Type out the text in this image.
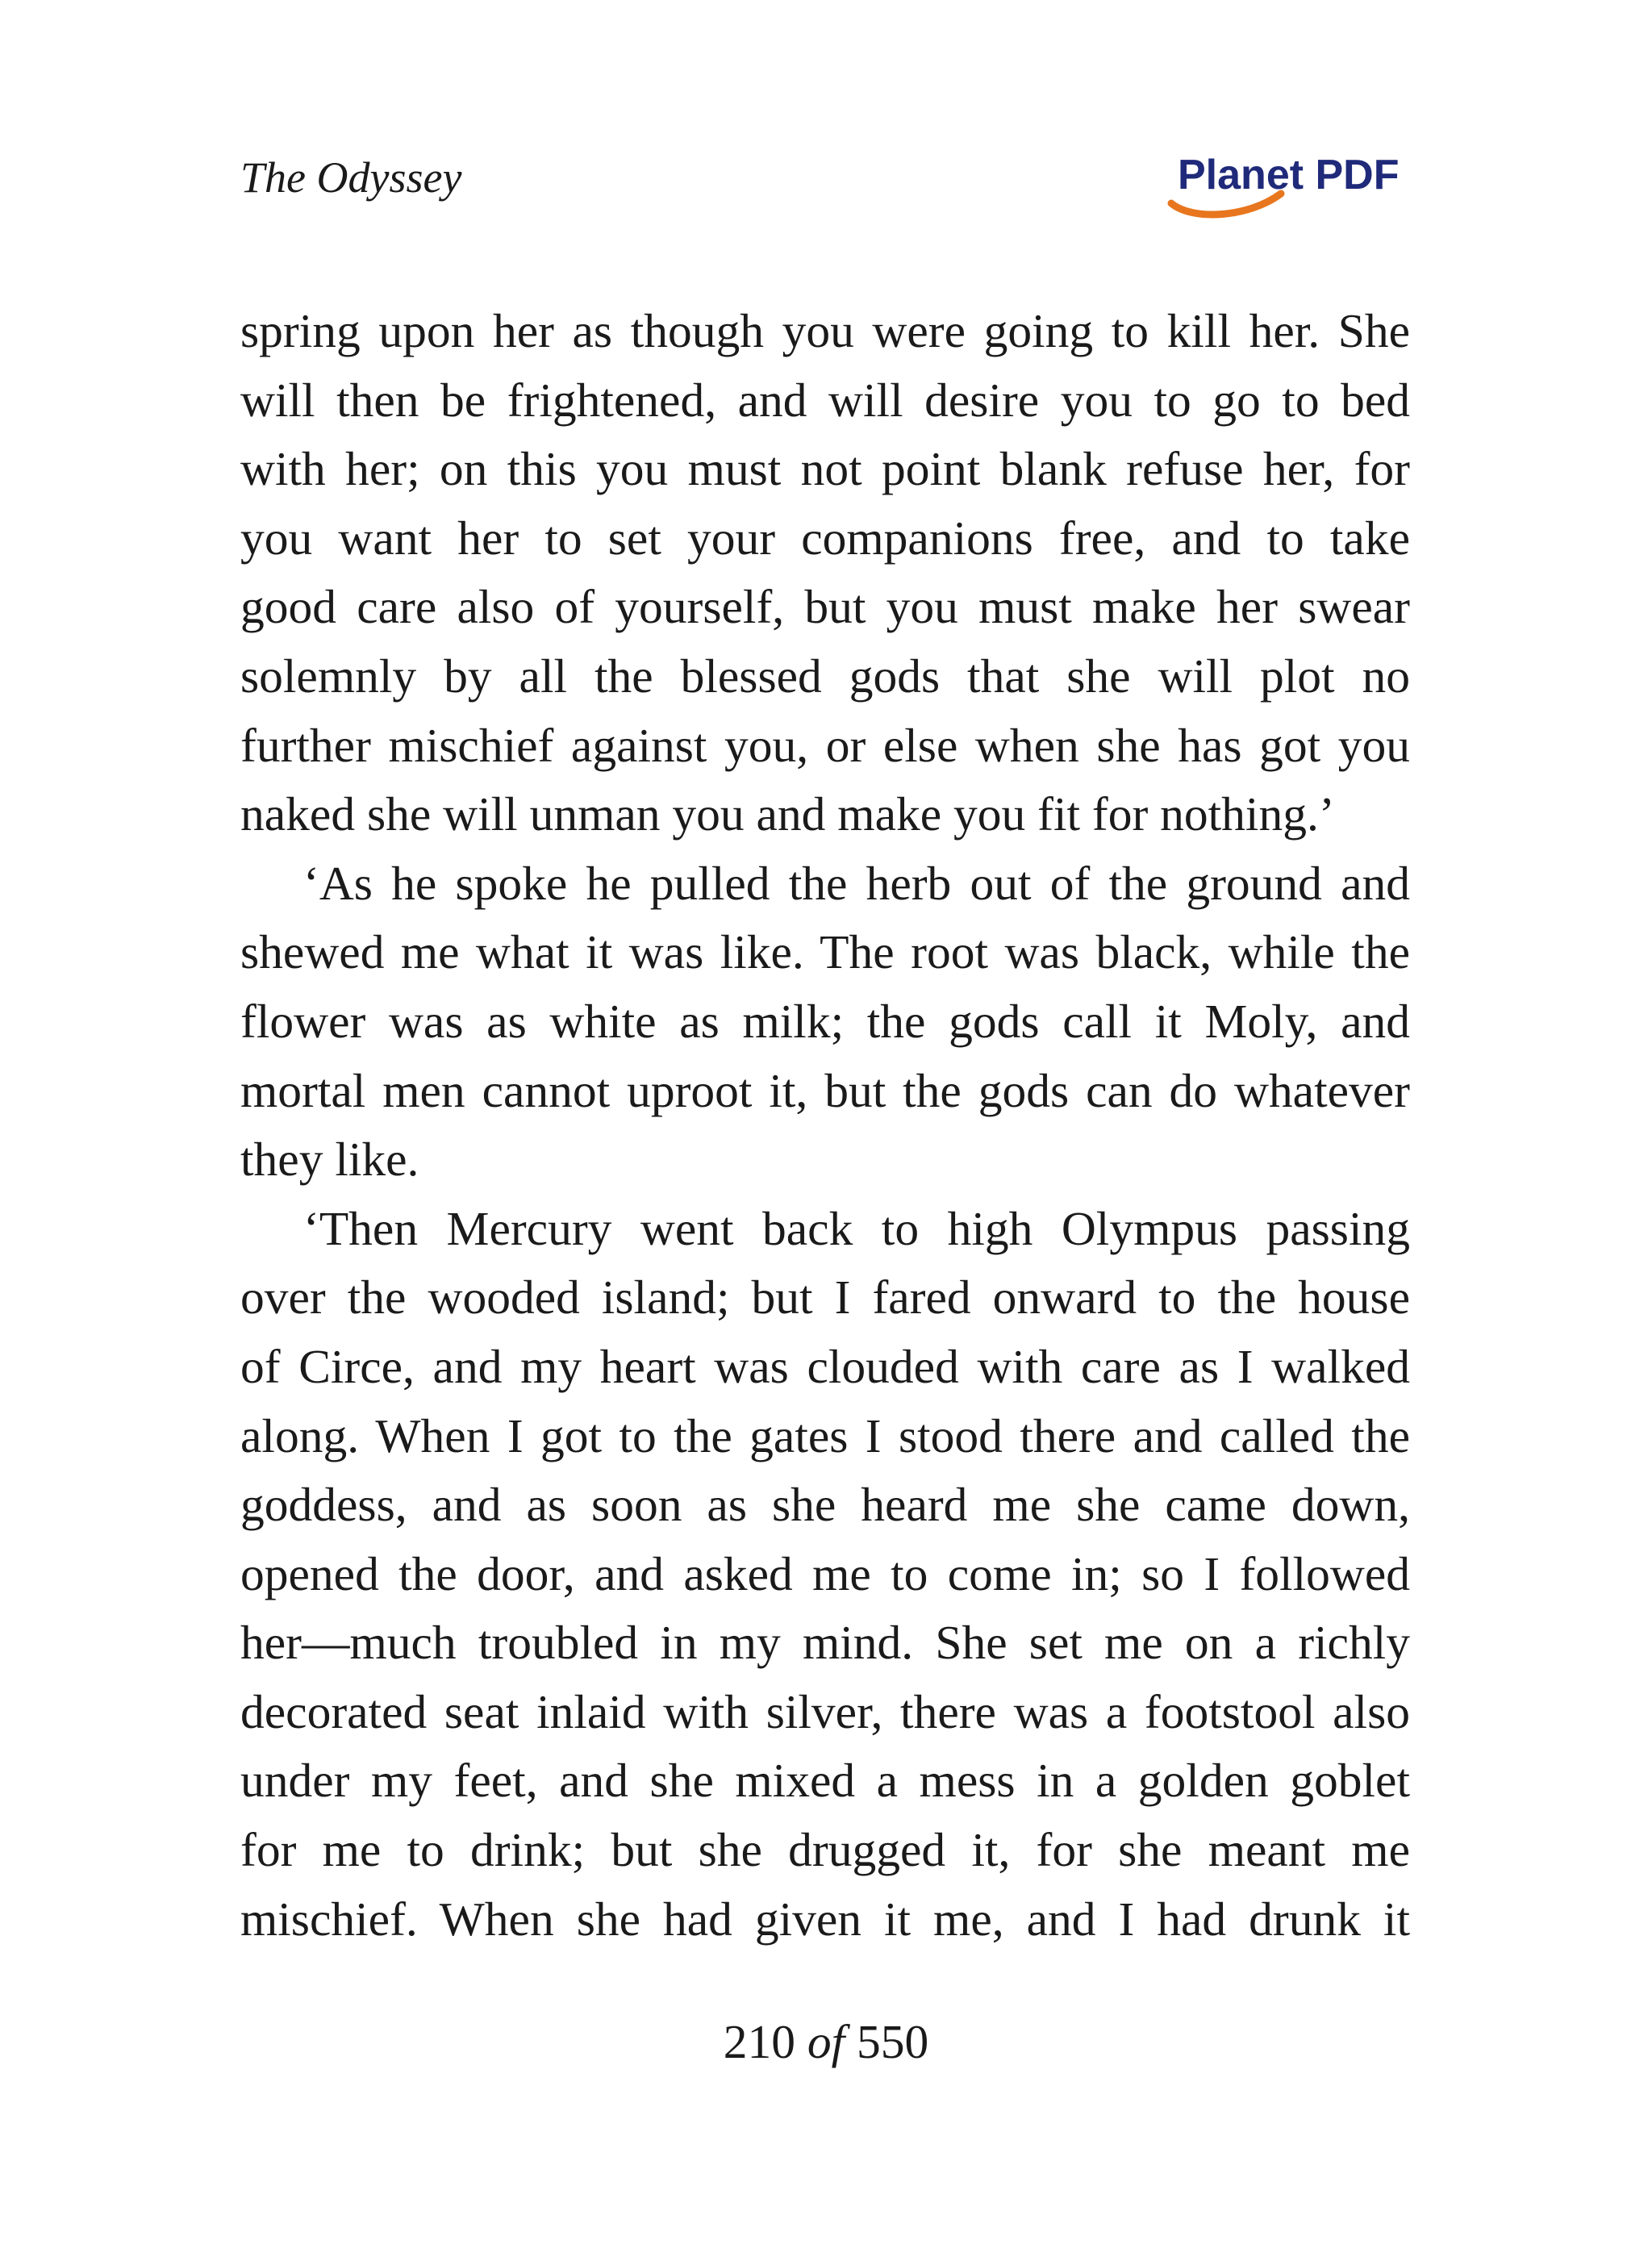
The Odyssey	Planet PDF
spring upon her as though you were going to kill her. She
will then be frightened, and will desire you to go to bed
with her; on this you must not point blank refuse her, for
you want her to set your companions free, and to take
good care also of yourself, but you must make her swear
solemnly by all the blessed gods that she will plot no
further mischief against you, or else when she has got you
naked she will unman you and make you fit for nothing.’
‘As he spoke he pulled the herb out of the ground and
shewed me what it was like. The root was black, while the
flower was as white as milk; the gods call it Moly, and
mortal men cannot uproot it, but the gods can do whatever
they like.
‘Then Mercury went back to high Olympus passing
over the wooded island; but I fared onward to the house
of Circe, and my heart was clouded with care as I walked
along. When I got to the gates I stood there and called the
goddess, and as soon as she heard me she came down,
opened the door, and asked me to come in; so I followed
her—much troubled in my mind. She set me on a richly
decorated seat inlaid with silver, there was a footstool also
under my feet, and she mixed a mess in a golden goblet
for me to drink; but she drugged it, for she meant me
mischief. When she had given it me, and I had drunk it
210 of 550
